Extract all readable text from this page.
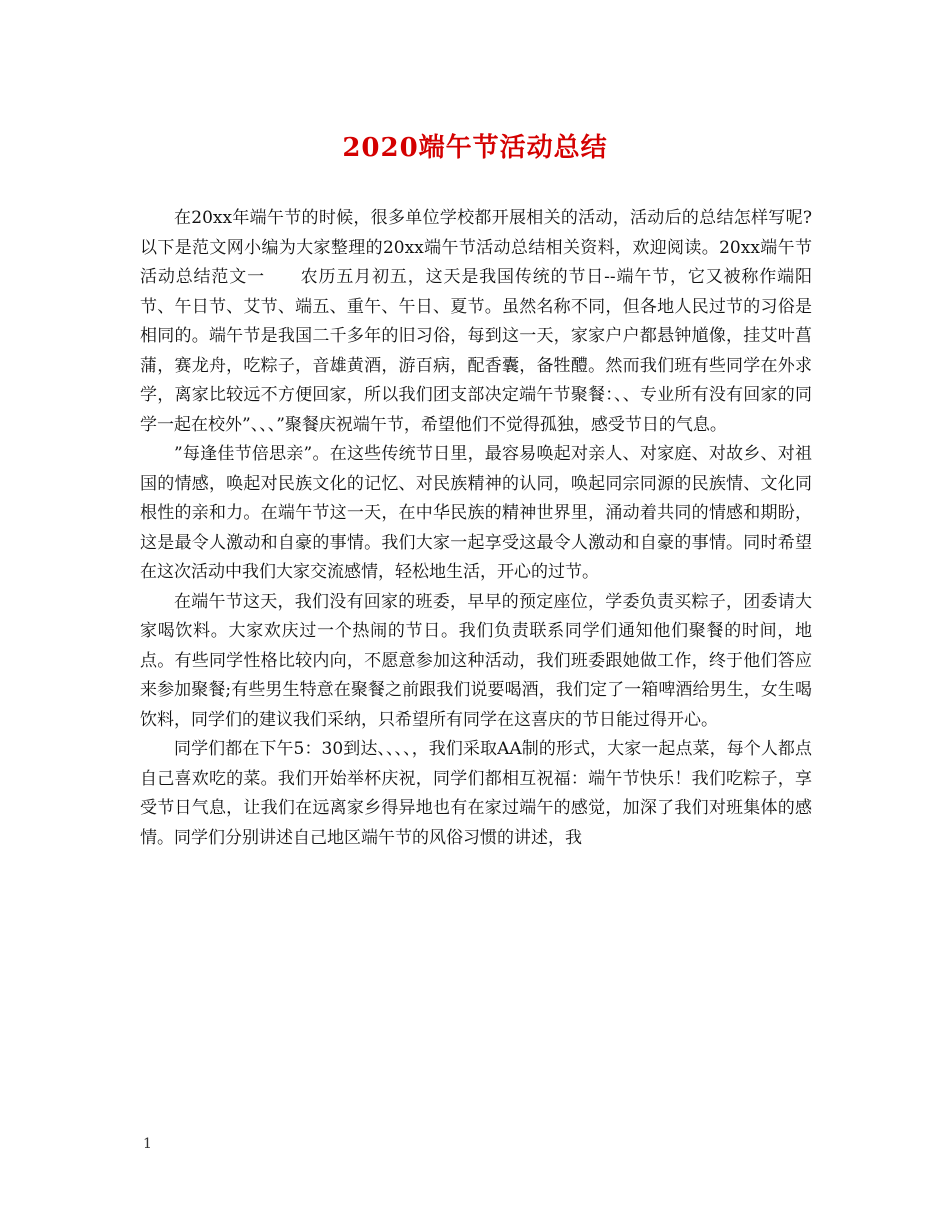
2020端午节活动总结

在20xx年端午节的时候，很多单位学校都开展相关的活动，活动后的总结怎样写呢?以下是范文网小编为大家整理的20xx端午节活动总结相关资料，欢迎阅读。20xx端午节活动总结范文一　　农历五月初五，这天是我国传统的节日--端午节，它又被称作端阳节、午日节、艾节、端五、重午、午日、夏节。虽然名称不同，但各地人民过节的习俗是相同的。端午节是我国二千多年的旧习俗，每到这一天，家家户户都悬钟馗像，挂艾叶菖蒲，赛龙舟，吃粽子，音雄黄酒，游百病，配香囊，备牲醴。然而我们班有些同学在外求学，离家比较远不方便回家，所以我们团支部决定端午节聚餐：、、专业所有没有回家的同学一起在校外”、、、”聚餐庆祝端午节，希望他们不觉得孤独，感受节日的气息。

”每逢佳节倍思亲”。在这些传统节日里，最容易唤起对亲人、对家庭、对故乡、对祖国的情感，唤起对民族文化的记忆、对民族精神的认同，唤起同宗同源的民族情、文化同根性的亲和力。在端午节这一天，在中华民族的精神世界里，涌动着共同的情感和期盼，这是最令人激动和自豪的事情。我们大家一起享受这最令人激动和自豪的事情。同时希望在这次活动中我们大家交流感情，轻松地生活，开心的过节。

在端午节这天，我们没有回家的班委，早早的预定座位，学委负责买粽子，团委请大家喝饮料。大家欢庆过一个热闹的节日。我们负责联系同学们通知他们聚餐的时间，地点。有些同学性格比较内向，不愿意参加这种活动，我们班委跟她做工作，终于他们答应来参加聚餐;有些男生特意在聚餐之前跟我们说要喝酒，我们定了一箱啤酒给男生，女生喝饮料，同学们的建议我们采纳，只希望所有同学在这喜庆的节日能过得开心。

同学们都在下午5：30到达、、、、，我们采取AA制的形式，大家一起点菜，每个人都点自己喜欢吃的菜。我们开始举杯庆祝，同学们都相互祝福：端午节快乐！我们吃粽子，享受节日气息，让我们在远离家乡得异地也有在家过端午的感觉，加深了我们对班集体的感情。同学们分别讲述自己地区端午节的风俗习惯的讲述，我

1
